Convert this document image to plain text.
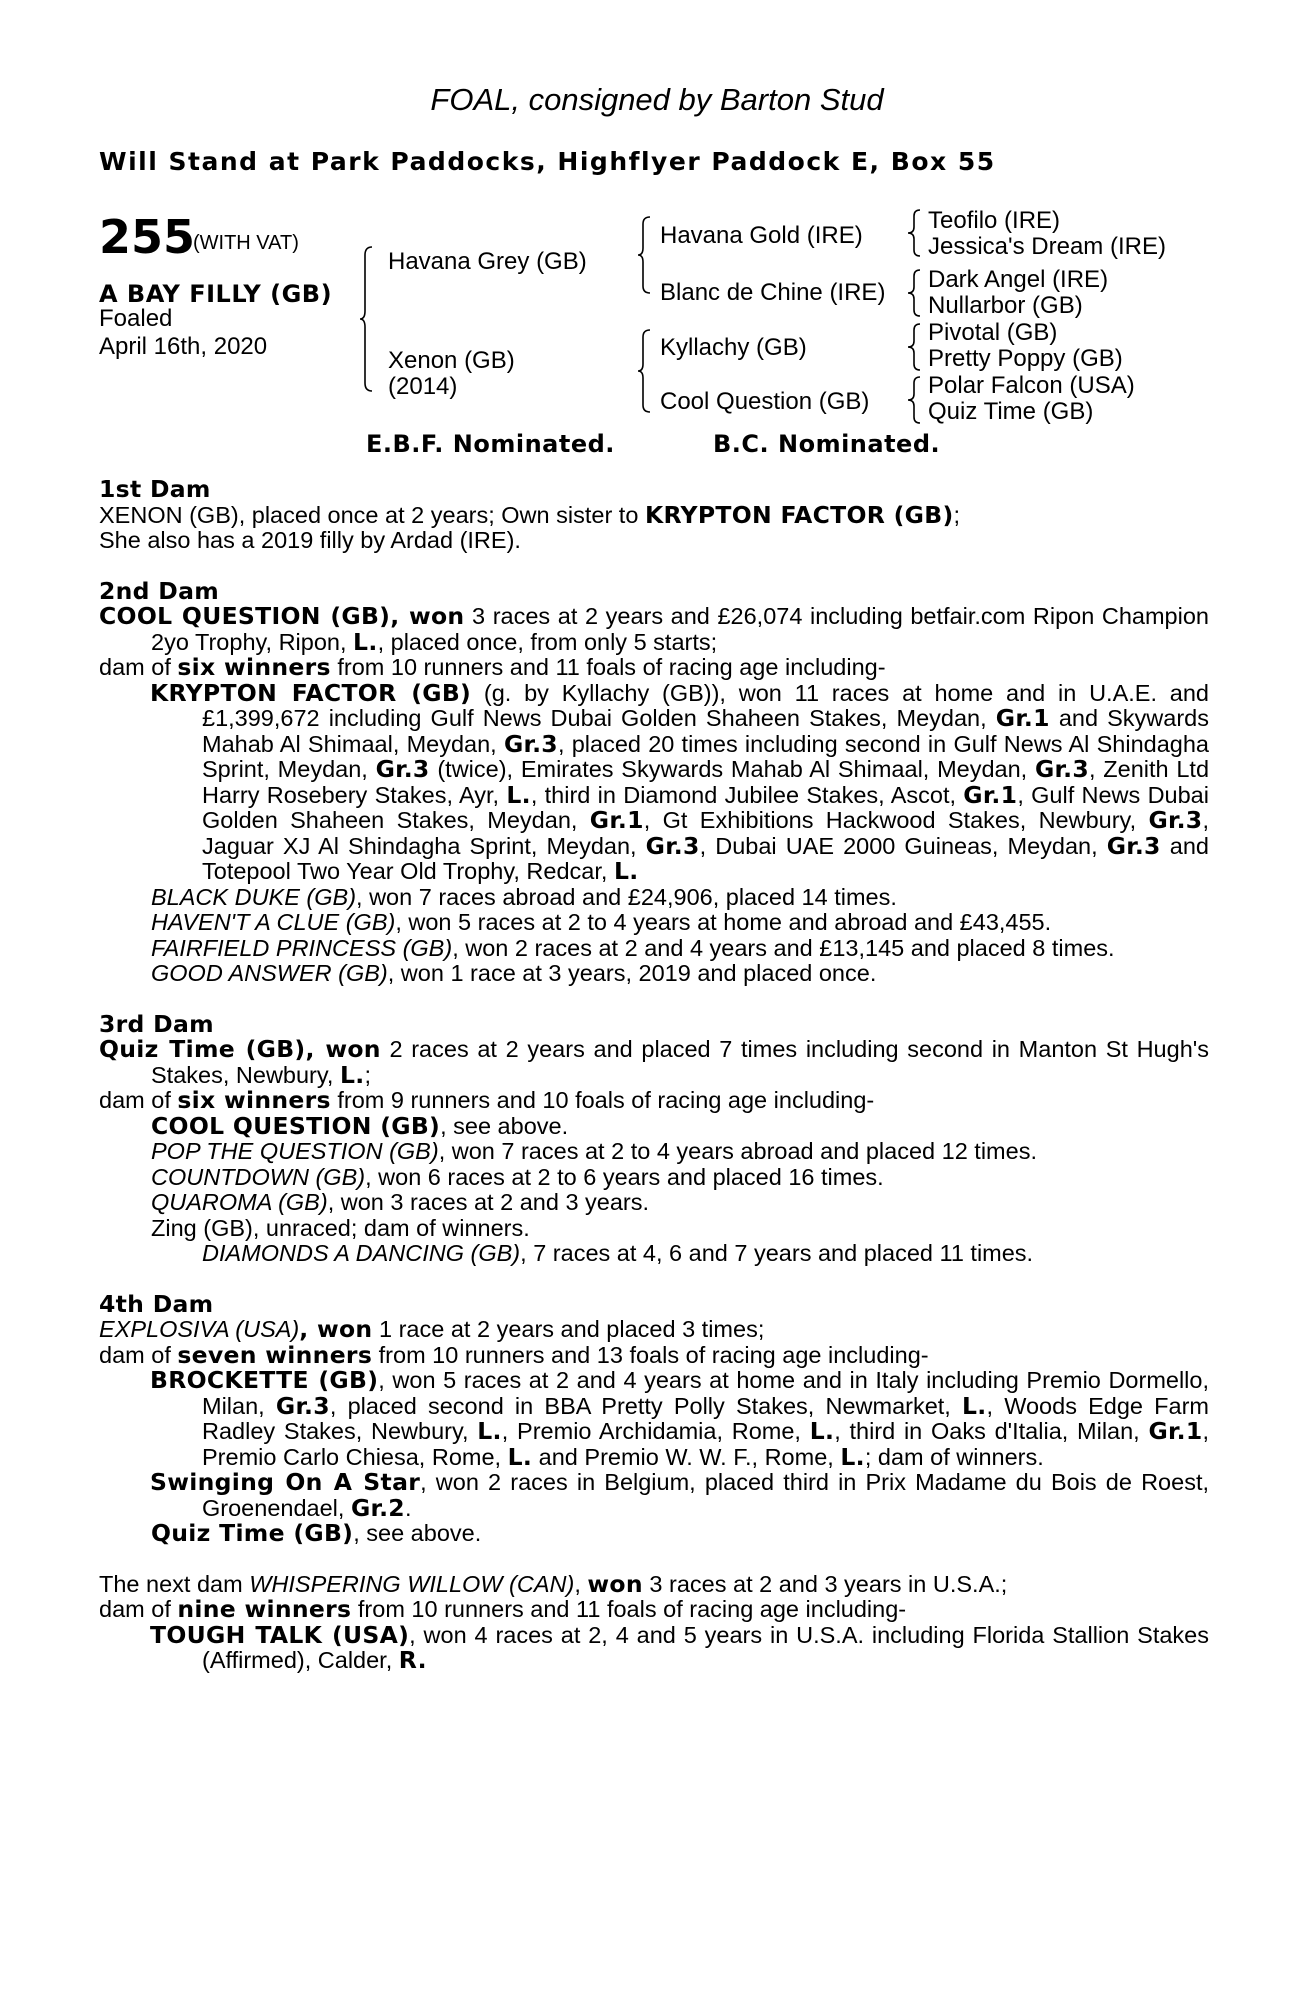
FOAL, consigned by Barton Stud
Will Stand at Park Paddocks, Highflyer Paddock E, Box 55
255
(WITH VAT)
A BAY FILLY (GB)
Foaled
April 16th, 2020
Havana Grey (GB)
Xenon (GB)
(2014)
Havana Gold (IRE)
Blanc de Chine (IRE)
Kyllachy (GB)
Cool Question (GB)
Teofilo (IRE)
Jessica's Dream (IRE)
Dark Angel (IRE)
Nullarbor (GB)
Pivotal (GB)
Pretty Poppy (GB)
Polar Falcon (USA)
Quiz Time (GB)
E.B.F. Nominated.	B.C. Nominated.
1st Dam
XENON (GB), placed once at 2 years; Own sister to KRYPTON FACTOR (GB);
She also has a 2019 filly by Ardad (IRE).
2nd Dam
COOL QUESTION (GB), won 3 races at 2 years and £26,074 including betfair.com Ripon Champion 2yo Trophy, Ripon, L., placed once, from only 5 starts;
dam of six winners from 10 runners and 11 foals of racing age including-
KRYPTON FACTOR (GB) (g. by Kyllachy (GB)), won 11 races at home and in U.A.E. and £1,399,672 including Gulf News Dubai Golden Shaheen Stakes, Meydan, Gr.1 and Skywards Mahab Al Shimaal, Meydan, Gr.3, placed 20 times including second in Gulf News Al Shindagha Sprint, Meydan, Gr.3 (twice), Emirates Skywards Mahab Al Shimaal, Meydan, Gr.3, Zenith Ltd Harry Rosebery Stakes, Ayr, L., third in Diamond Jubilee Stakes, Ascot, Gr.1, Gulf News Dubai Golden Shaheen Stakes, Meydan, Gr.1, Gt Exhibitions Hackwood Stakes, Newbury, Gr.3, Jaguar XJ Al Shindagha Sprint, Meydan, Gr.3, Dubai UAE 2000 Guineas, Meydan, Gr.3 and Totepool Two Year Old Trophy, Redcar, L.
BLACK DUKE (GB), won 7 races abroad and £24,906, placed 14 times.
HAVEN'T A CLUE (GB), won 5 races at 2 to 4 years at home and abroad and £43,455.
FAIRFIELD PRINCESS (GB), won 2 races at 2 and 4 years and £13,145 and placed 8 times.
GOOD ANSWER (GB), won 1 race at 3 years, 2019 and placed once.
3rd Dam
Quiz Time (GB), won 2 races at 2 years and placed 7 times including second in Manton St Hugh's Stakes, Newbury, L.;
dam of six winners from 9 runners and 10 foals of racing age including-
COOL QUESTION (GB), see above.
POP THE QUESTION (GB), won 7 races at 2 to 4 years abroad and placed 12 times.
COUNTDOWN (GB), won 6 races at 2 to 6 years and placed 16 times.
QUAROMA (GB), won 3 races at 2 and 3 years.
Zing (GB), unraced; dam of winners.
DIAMONDS A DANCING (GB), 7 races at 4, 6 and 7 years and placed 11 times.
4th Dam
EXPLOSIVA (USA), won 1 race at 2 years and placed 3 times;
dam of seven winners from 10 runners and 13 foals of racing age including-
BROCKETTE (GB), won 5 races at 2 and 4 years at home and in Italy including Premio Dormello, Milan, Gr.3, placed second in BBA Pretty Polly Stakes, Newmarket, L., Woods Edge Farm Radley Stakes, Newbury, L., Premio Archidamia, Rome, L., third in Oaks d'Italia, Milan, Gr.1, Premio Carlo Chiesa, Rome, L. and Premio W. W. F., Rome, L.; dam of winners.
Swinging On A Star, won 2 races in Belgium, placed third in Prix Madame du Bois de Roest, Groenendael, Gr.2.
Quiz Time (GB), see above.
The next dam WHISPERING WILLOW (CAN), won 3 races at 2 and 3 years in U.S.A.;
dam of nine winners from 10 runners and 11 foals of racing age including-
TOUGH TALK (USA), won 4 races at 2, 4 and 5 years in U.S.A. including Florida Stallion Stakes (Affirmed), Calder, R.
